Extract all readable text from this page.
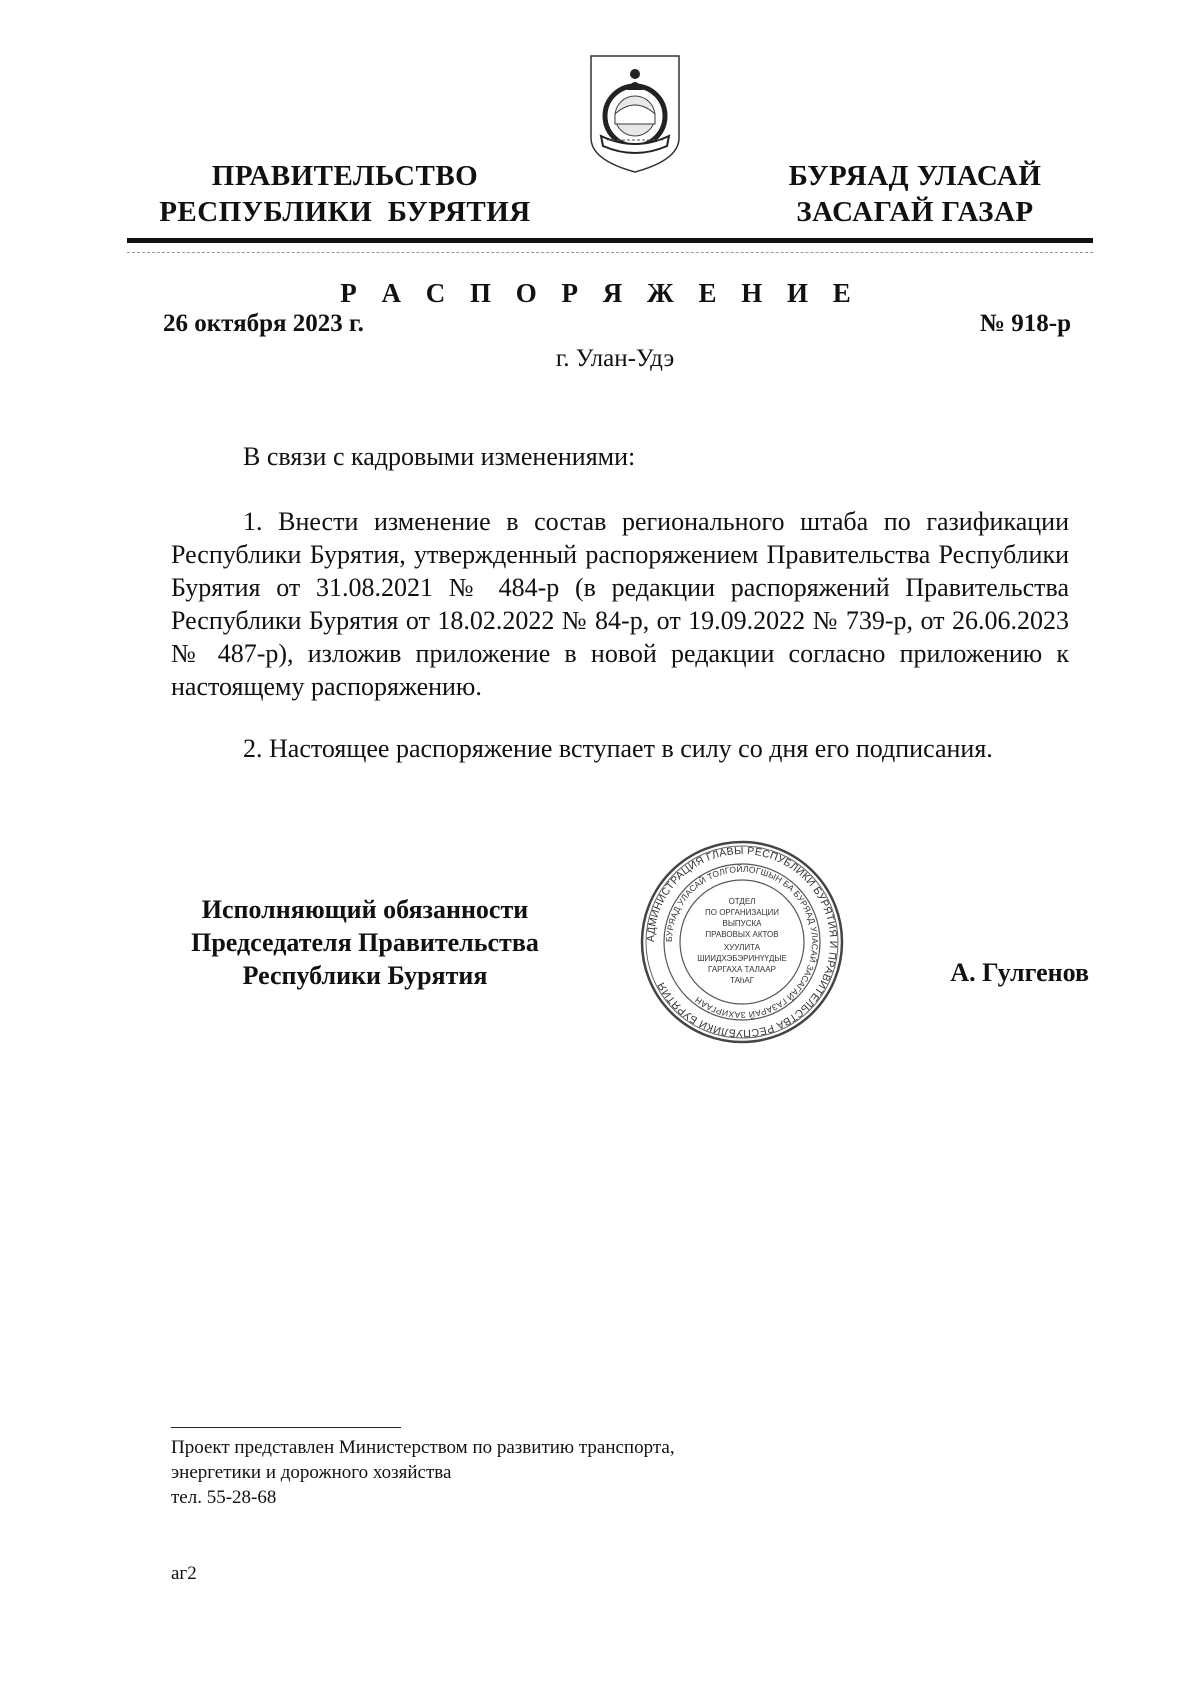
ПРАВИТЕЛЬСТВО
РЕСПУБЛИКИ  БУРЯТИЯ
БУРЯАД УЛАСАЙ
ЗАСАГАЙ ГАЗАР
Р А С П О Р Я Ж Е Н И Е
26 октября 2023 г.	№ 918-р
г. Улан-Удэ
В связи с кадровыми изменениями:
1. Внести изменение в состав регионального штаба по газификации Республики Бурятия, утвержденный распоряжением Правительства Республики Бурятия от 31.08.2021 № 484-р (в редакции распоряжений Правительства Республики Бурятия от 18.02.2022 № 84-р, от 19.09.2022 № 739-р, от 26.06.2023 № 487-р), изложив приложение в новой редакции согласно приложению к настоящему распоряжению.
2. Настоящее распоряжение вступает в силу со дня его подписания.
Исполняющий обязанности
Председателя Правительства
Республики Бурятия
АДМИНИСТРАЦИЯ ГЛАВЫ РЕСПУБЛИКИ БУРЯТИЯ И ПРАВИТЕЛЬСТВА РЕСПУБЛИКИ БУРЯТИЯ
БУРЯАД УЛАСАЙ ТОЛГОЙЛОГШЫН БА БУРЯАД УЛАСАЙ ЗАСАГАЙ ГАЗАРАЙ ЗАХИРГААН
ОТДЕЛ
ПО ОРГАНИЗАЦИИ
ВЫПУСКА
ПРАВОВЫХ АКТОВ
ХУУЛИТА
ШИИДХЭБЭРИНҮҮДЫЕ
ГАРГАХА ТАЛААР
ТАһАГ	А. Гулгенов
Проект представлен Министерством по развитию транспорта,
энергетики и дорожного хозяйства
тел. 55-28-68
аг2
